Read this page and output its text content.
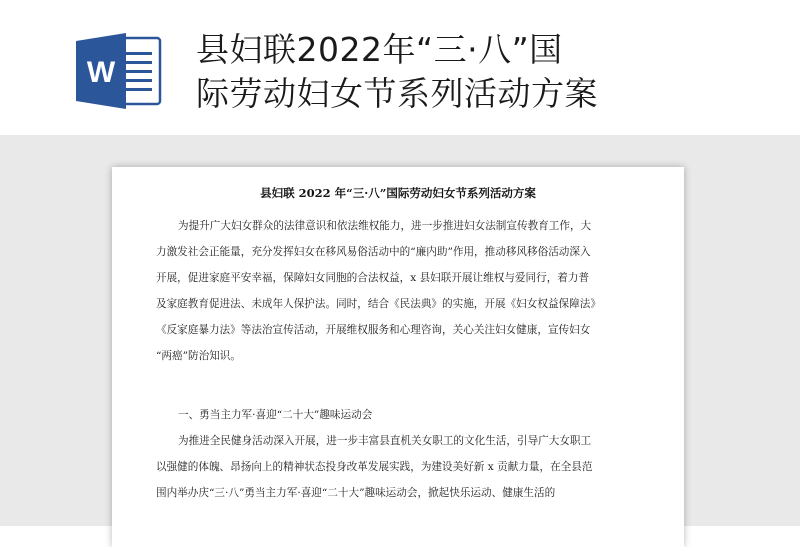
W
县妇联2022年“三·八”国
际劳动妇女节系列活动方案
县妇联 2022 年“三·八”国际劳动妇女节系列活动方案
为提升广大妇女群众的法律意识和依法维权能力，进一步推进妇女法制宣传教育工作，大
力激发社会正能量，充分发挥妇女在移风易俗活动中的“廉内助”作用，推动移风移俗活动深入
开展，促进家庭平安幸福，保障妇女同胞的合法权益，x 县妇联开展让维权与爱同行，着力普
及家庭教育促进法、未成年人保护法。同时，结合《民法典》的实施，开展《妇女权益保障法》
《反家庭暴力法》等法治宣传活动，开展维权服务和心理咨询，关心关注妇女健康，宣传妇女
“两癌”防治知识。
一、勇当主力军·喜迎“二十大”趣味运动会
为推进全民健身活动深入开展，进一步丰富县直机关女职工的文化生活，引导广大女职工
以强健的体魄、昂扬向上的精神状态投身改革发展实践，为建设美好新 x 贡献力量，在全县范
围内举办庆“三·八”勇当主力军·喜迎“二十大”趣味运动会，掀起快乐运动、健康生活的
